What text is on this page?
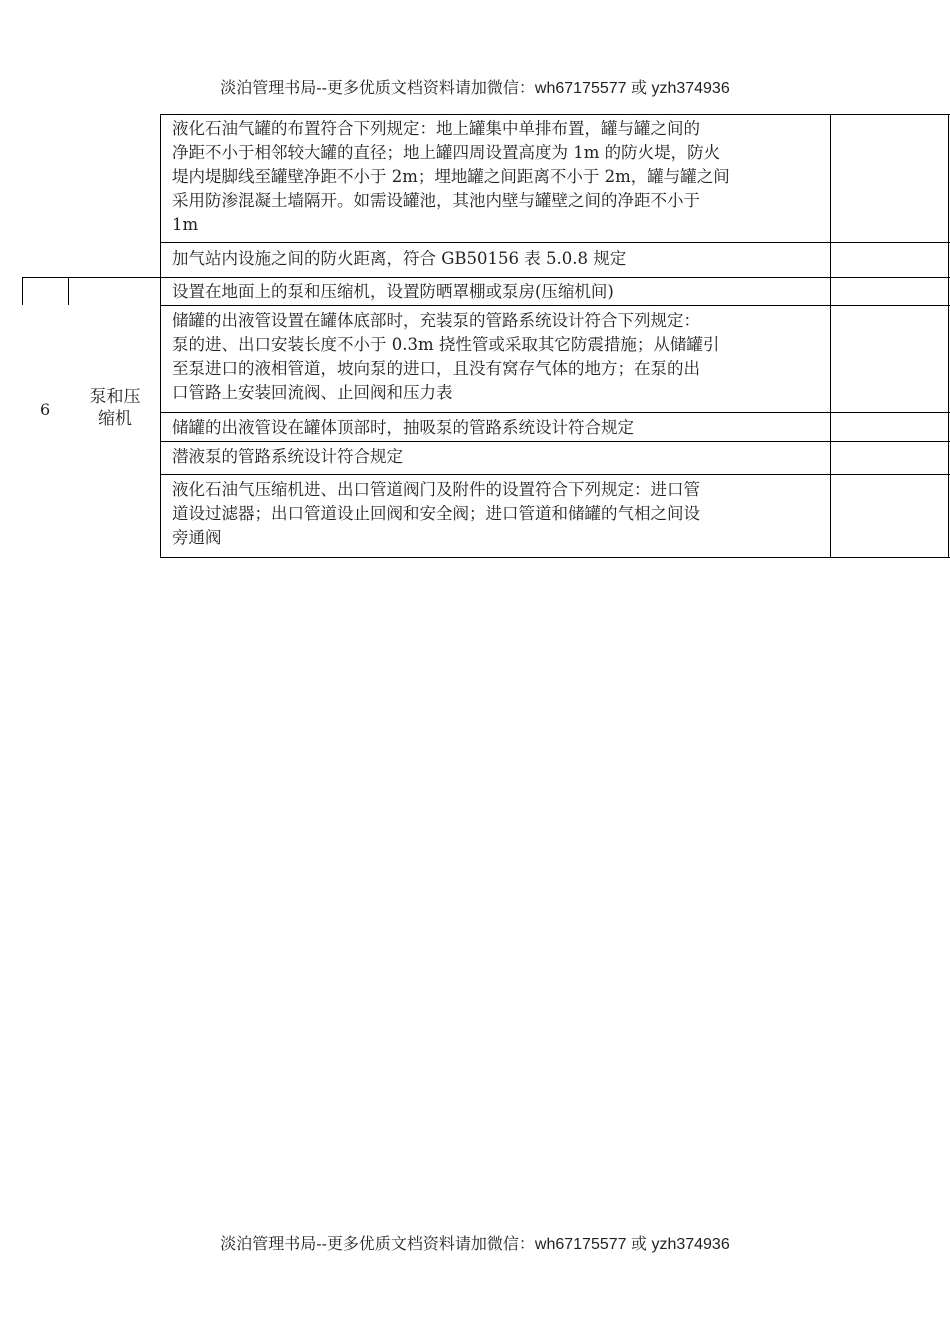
淡泊管理书局--更多优质文档资料请加微信：wh67175577 或 yzh374936
6
泵和压
缩机
液化石油气罐的布置符合下列规定：地上罐集中单排布置，罐与罐之间的
净距不小于相邻较大罐的直径；地上罐四周设置高度为 1m 的防火堤，防火
堤内堤脚线至罐壁净距不小于 2m；埋地罐之间距离不小于 2m，罐与罐之间
采用防渗混凝土墙隔开。如需设罐池，其池内壁与罐壁之间的净距不小于
1m
加气站内设施之间的防火距离，符合 GB50156 表 5.0.8 规定
设置在地面上的泵和压缩机，设置防晒罩棚或泵房(压缩机间)
储罐的出液管设置在罐体底部时，充装泵的管路系统设计符合下列规定：
泵的进、出口安装长度不小于 0.3m 挠性管或采取其它防震措施；从储罐引
至泵进口的液相管道，坡向泵的进口，且没有窝存气体的地方；在泵的出
口管路上安装回流阀、止回阀和压力表
储罐的出液管设在罐体顶部时，抽吸泵的管路系统设计符合规定
潜液泵的管路系统设计符合规定
液化石油气压缩机进、出口管道阀门及附件的设置符合下列规定：进口管
道设过滤器；出口管道设止回阀和安全阀；进口管道和储罐的气相之间设
旁通阀
淡泊管理书局--更多优质文档资料请加微信：wh67175577 或 yzh374936
